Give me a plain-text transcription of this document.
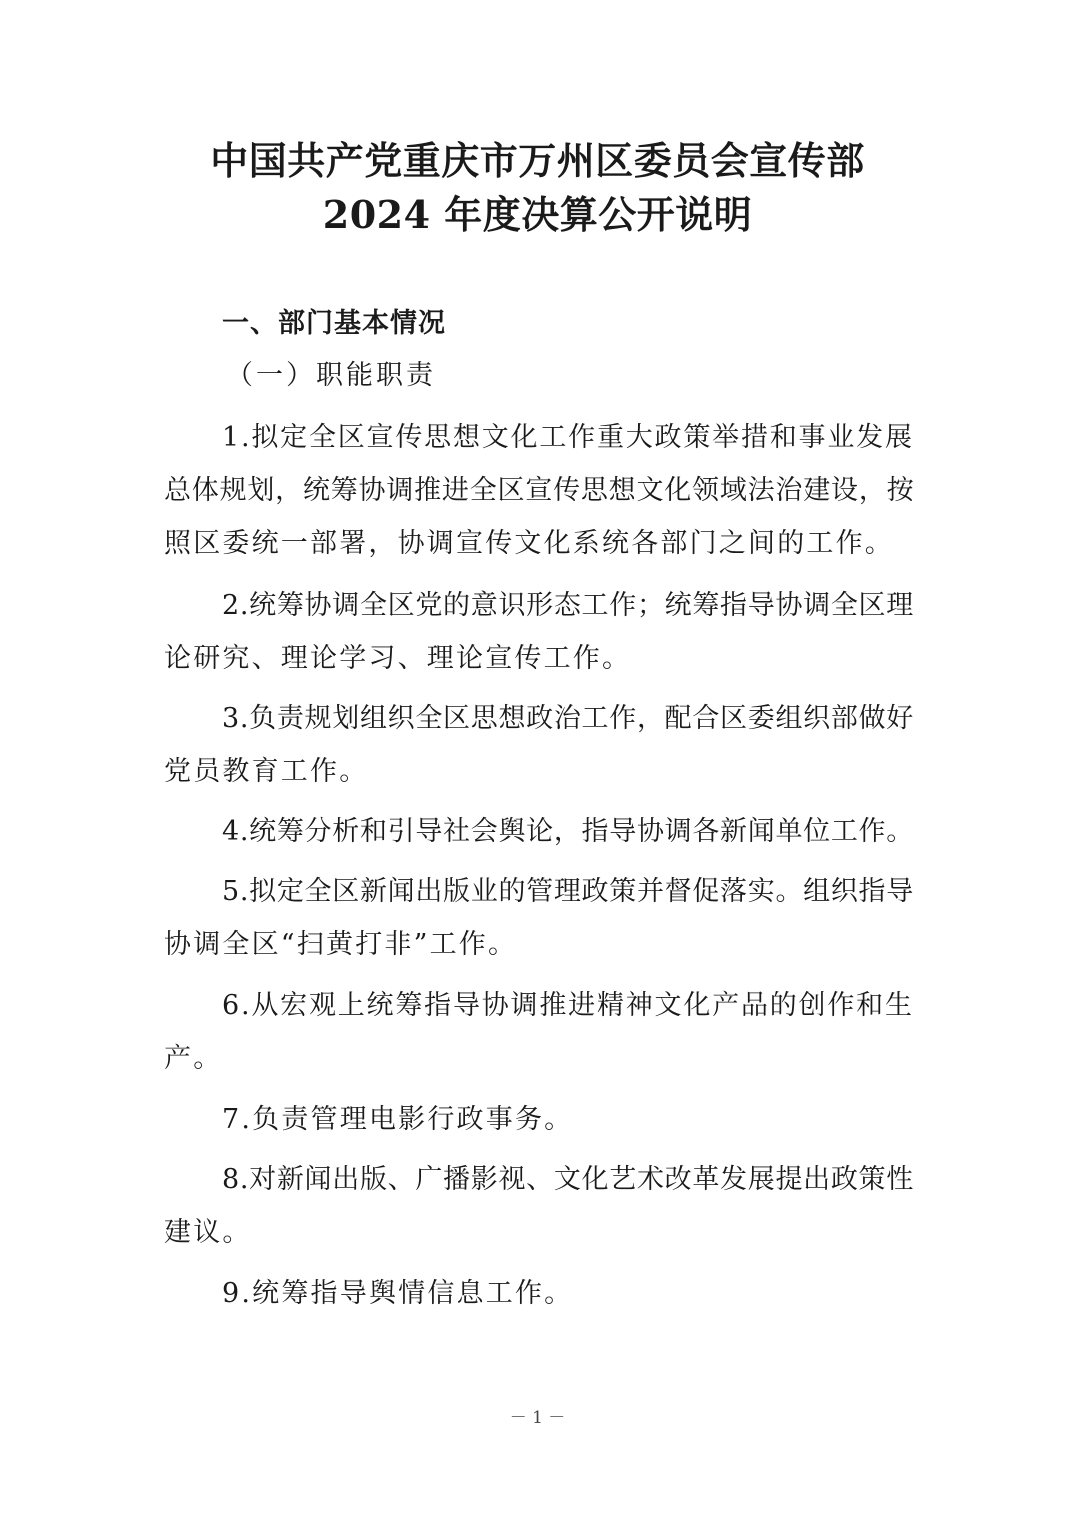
中国共产党重庆市万州区委员会宣传部
2024 年度决算公开说明
一、部门基本情况
（一）职能职责
1.拟定全区宣传思想文化工作重大政策举措和事业发展
总体规划，统筹协调推进全区宣传思想文化领域法治建设，按
照区委统一部署，协调宣传文化系统各部门之间的工作。
2.统筹协调全区党的意识形态工作；统筹指导协调全区理
论研究、理论学习、理论宣传工作。
3.负责规划组织全区思想政治工作，配合区委组织部做好
党员教育工作。
4.统筹分析和引导社会舆论，指导协调各新闻单位工作。
5.拟定全区新闻出版业的管理政策并督促落实。组织指导
协调全区“扫黄打非”工作。
6.从宏观上统筹指导协调推进精神文化产品的创作和生
产。
7.负责管理电影行政事务。
8.对新闻出版、广播影视、文化艺术改革发展提出政策性
建议。
9.统筹指导舆情信息工作。
－ 1 －
